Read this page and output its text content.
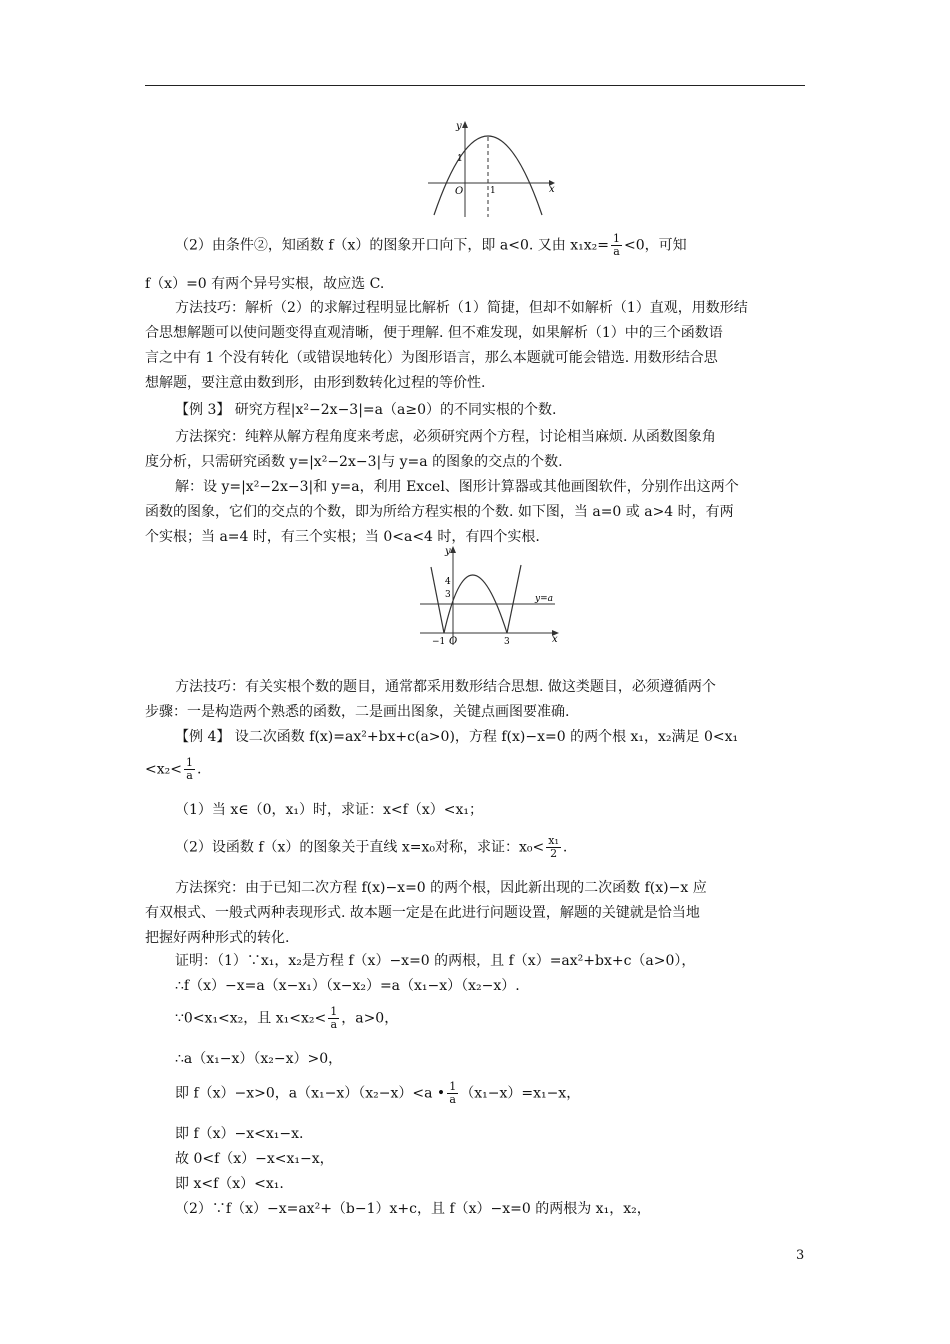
y
x
O
1
1
（2）由条件②，知函数 f（x）的图象开口向下，即 a<0. 又由 $x_1x_2= \frac{1}{a} <0$，可知
f（x）=0 有两个异号实根，故应选 C.
方法技巧：解析（2）的求解过程明显比解析（1）简捷，但却不如解析（1）直观，用数形结
合思想解题可以使问题变得直观清晰，便于理解. 但不难发现，如果解析（1）中的三个函数语
言之中有 1 个没有转化（或错误地转化）为图形语言，那么本题就可能会错选. 用数形结合思
想解题，要注意由数到形，由形到数转化过程的等价性.
【例 3】 研究方程|x²−2x−3|=a（a≥0）的不同实根的个数.
方法探究：纯粹从解方程角度来考虑，必须研究两个方程，讨论相当麻烦. 从函数图象角
度分析，只需研究函数 y=|x²−2x−3|与 y=a 的图象的交点的个数.
解：设 y=|x²−2x−3|和 y=a，利用 Excel、图形计算器或其他画图软件，分别作出这两个
函数的图象，它们的交点的个数，即为所给方程实根的个数. 如下图，当 a=0 或 a>4 时，有两
个实根；当 a=4 时，有三个实根；当 0<a<4 时，有四个实根.
y
x
O
4
3
−1	3
y=a
方法技巧：有关实根个数的题目，通常都采用数形结合思想. 做这类题目，必须遵循两个
步骤：一是构造两个熟悉的函数，二是画出图象，关键点画图要准确.
【例 4】 设二次函数 f(x)=ax²+bx+c(a>0)，方程 f(x)−x=0 的两个根 x₁，x₂满足 0<x₁
$<x_2< \frac{1}{a}$ .
（1）当 x∈（0，x₁）时，求证：x<f（x）<x₁；
（2）设函数 f（x）的图象关于直线 x=x₀对称，求证：$x_0< \frac{\text{x₁}}{2}$ .
方法探究：由于已知二次方程 f(x)−x=0 的两个根，因此新出现的二次函数 f(x)−x 应
有双根式、一般式两种表现形式. 故本题一定是在此进行问题设置，解题的关键就是恰当地
把握好两种形式的转化.
证明：（1）∵x₁，x₂是方程 f（x）−x=0 的两根，且 f（x）=ax²+bx+c（a>0），
∴f（x）−x=a（x−x₁）（x−x₂）=a（x₁−x）（x₂−x）.
∵0<x₁<x₂，且 $x_1<x_2< \frac{1}{a}$ ，a>0，
∴a（x₁−x）（x₂−x）>0，
即 f（x）−x>0，a（x₁−x）（x₂−x）<a • $\frac{1}{a} (x_1-x)=x_1-x$，
即 f（x）−x<x₁−x.
故 0<f（x）−x<x₁−x，
即 x<f（x）<x₁.
（2）∵f（x）−x=ax²+（b−1）x+c，且 f（x）−x=0 的两根为 x₁，x₂，
3
